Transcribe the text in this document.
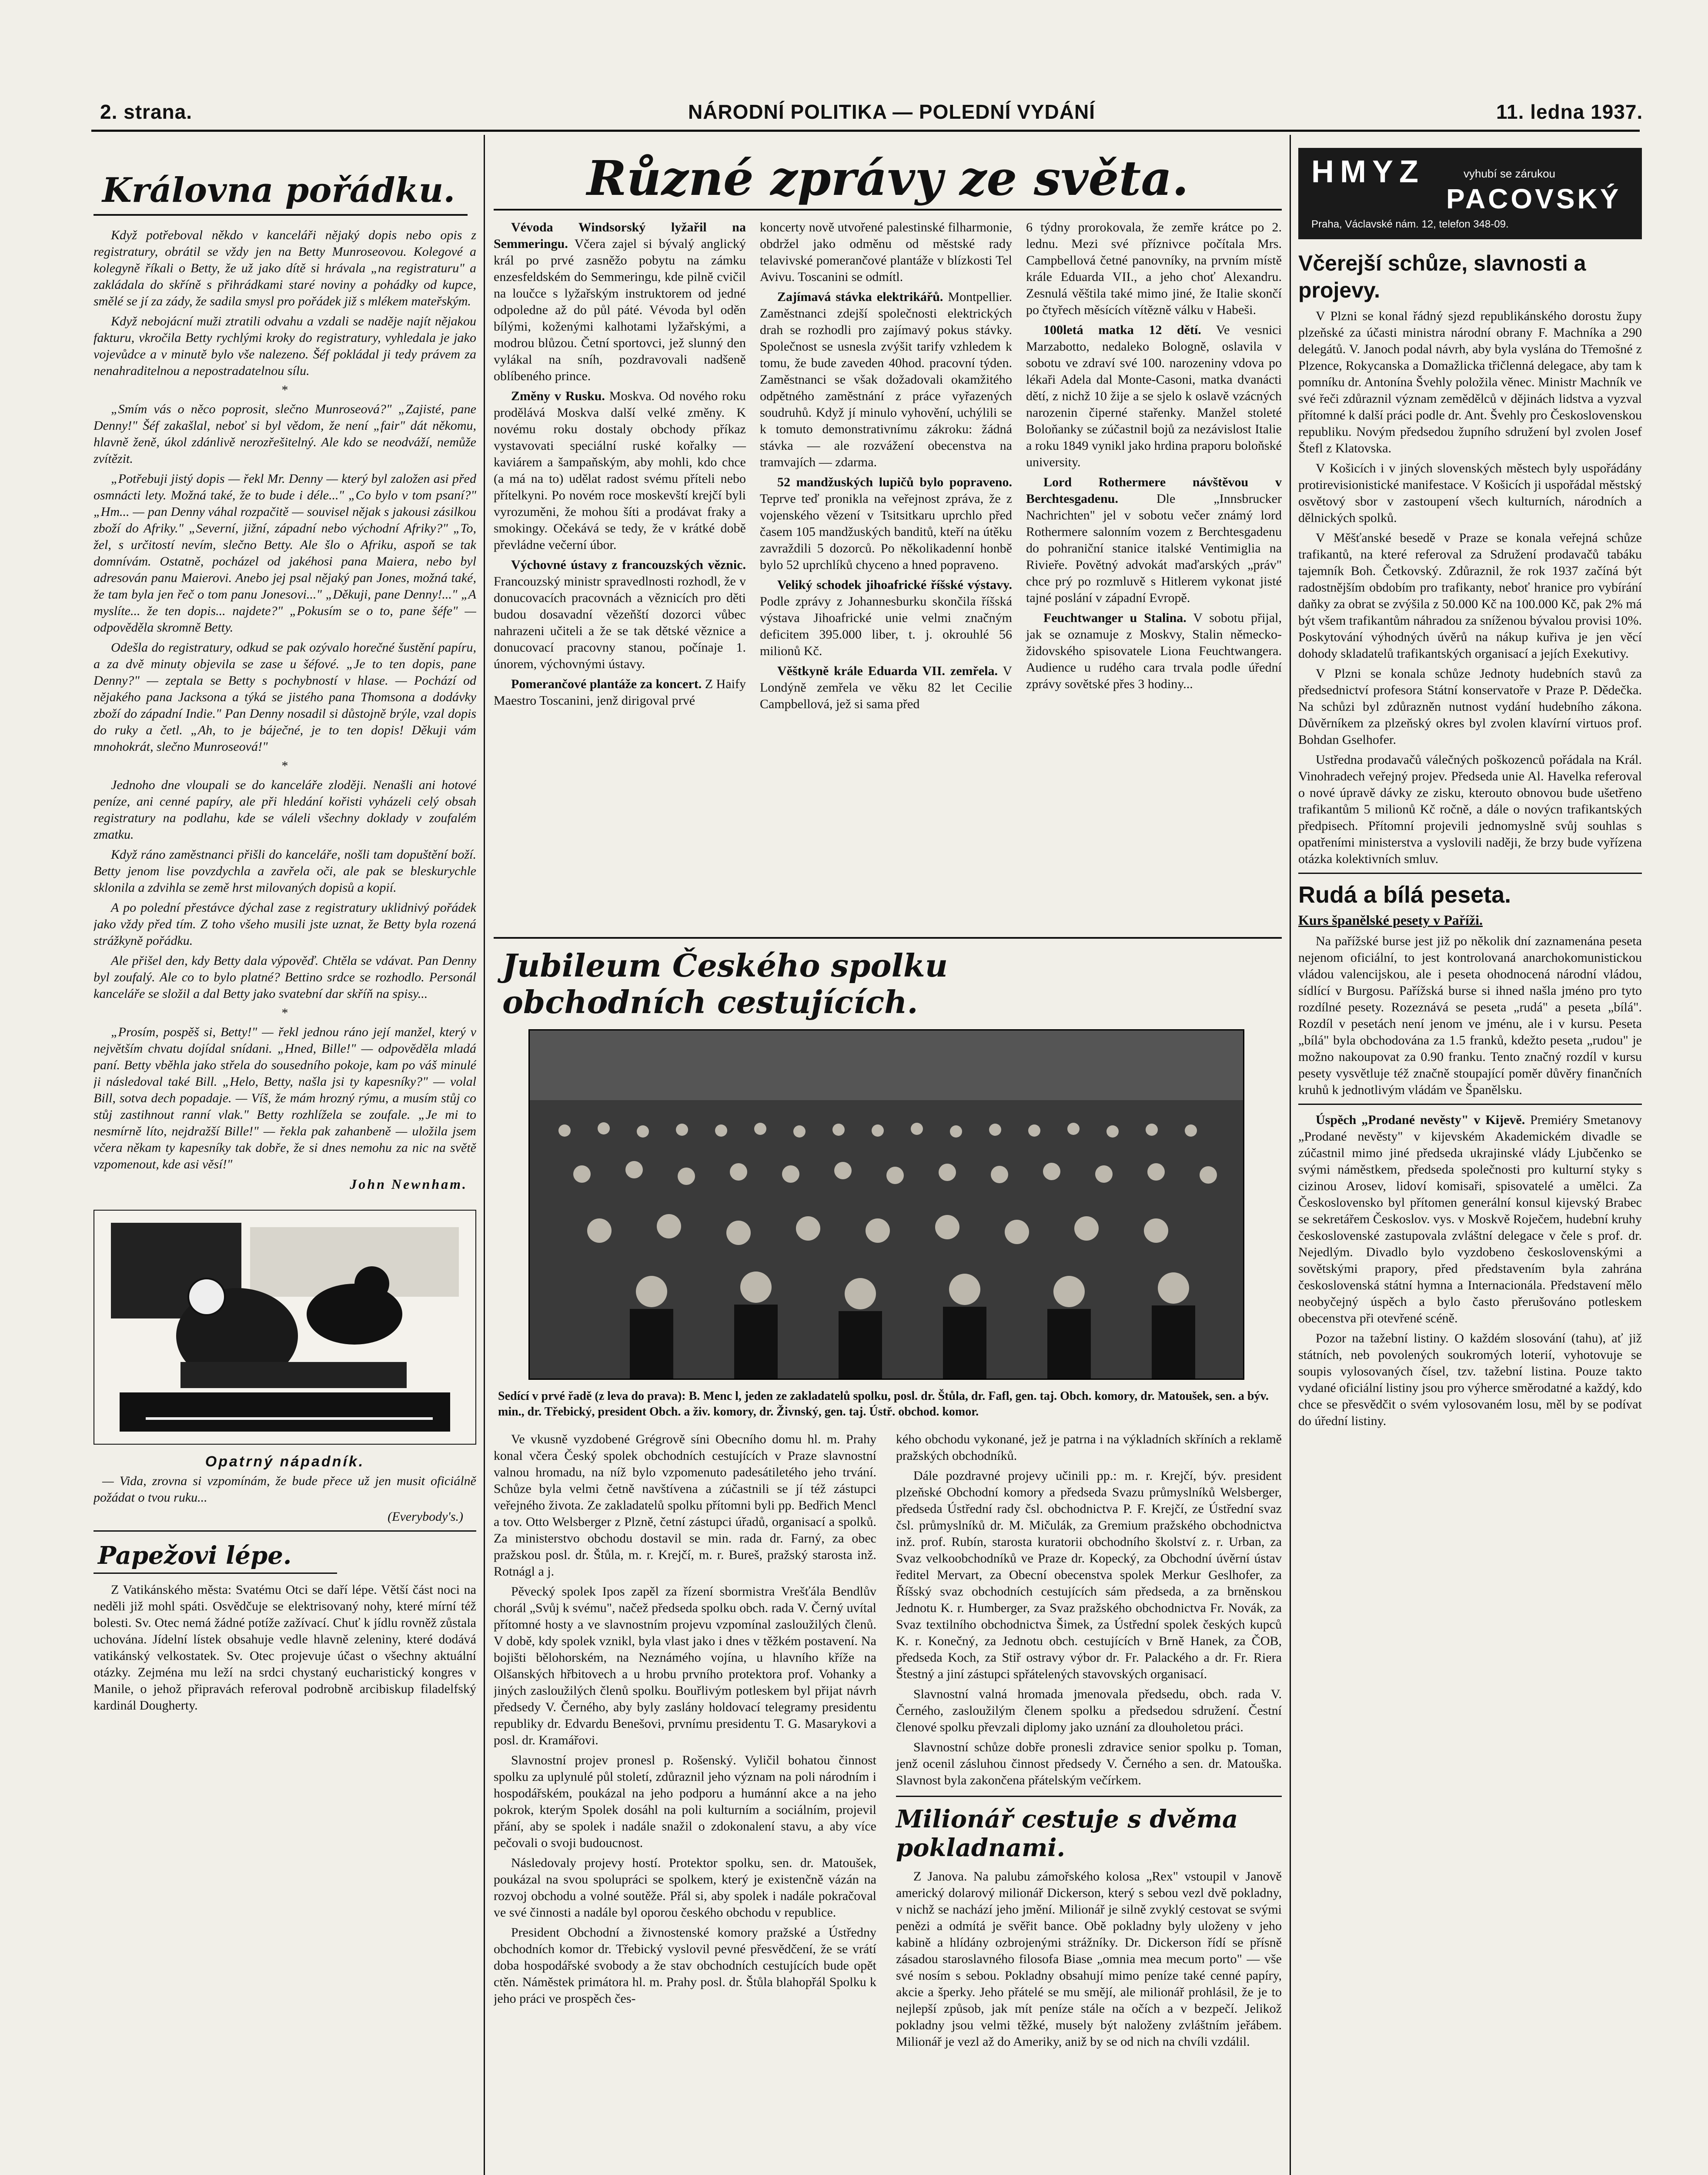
2. strana.	NÁRODNÍ POLITIKA — POLEDNÍ VYDÁNÍ	11. ledna 1937.
Královna pořádku.

Když potřeboval někdo v kanceláři nějaký dopis nebo opis z registratury, obrátil se vždy jen na Betty Munroseovou. Kolegové a kolegyně říkali o Betty, že už jako dítě si hrávala „na registraturu" a zakládala do skříně s přihrádkami staré noviny a pohádky od kupce, smělé se jí za zády, že sadila smysl pro pořádek již s mlékem mateřským.

Když nebojácní muži ztratili odvahu a vzdali se naděje najít nějakou fakturu, vkročila Betty rychlými kroky do registratury, vyhledala je jako vojevůdce a v minutě bylo vše nalezeno. Šéf pokládal ji tedy právem za nenahraditelnou a nepostradatelnou sílu.

*

„Smím vás o něco poprosit, slečno Munroseová?" „Zajisté, pane Denny!" Šéf zakašlal, neboť si byl vědom, že není „fair" dát někomu, hlavně ženě, úkol zdánlivě nerozřešitelný. Ale kdo se neodváží, nemůže zvítězit.

„Potřebuji jistý dopis — řekl Mr. Denny — který byl založen asi před osmnácti lety. Možná také, že to bude i déle..." „Co bylo v tom psaní?" „Hm... — pan Denny váhal rozpačitě — souvisel nějak s jakousi zásilkou zboží do Afriky." „Severní, jižní, západní nebo východní Afriky?" „To, žel, s určitostí nevím, slečno Betty. Ale šlo o Afriku, aspoň se tak domnívám. Ostatně, pocházel od jakéhosi pana Maiera, nebo byl adresován panu Maierovi. Anebo jej psal nějaký pan Jones, možná také, že tam byla jen řeč o tom panu Jonesovi..." „Děkuji, pane Denny!..." „A myslíte... že ten dopis... najdete?" „Pokusím se o to, pane šéfe" — odpověděla skromně Betty.

Odešla do registratury, odkud se pak ozývalo horečné šustění papíru, a za dvě minuty objevila se zase u šéfové. „Je to ten dopis, pane Denny?" — zeptala se Betty s pochybností v hlase. — Pochází od nějakého pana Jacksona a týká se jistého pana Thomsona a dodávky zboží do západní Indie." Pan Denny nosadil si důstojně brýle, vzal dopis do ruky a četl. „Ah, to je báječné, je to ten dopis! Děkuji vám mnohokrát, slečno Munroseová!"

*

Jednoho dne vloupali se do kanceláře zloději. Nenašli ani hotové peníze, ani cenné papíry, ale při hledání kořisti vyházeli celý obsah registratury na podlahu, kde se váleli všechny doklady v zoufalém zmatku.

Když ráno zaměstnanci přišli do kanceláře, nošli tam dopuštění boží. Betty jenom lise povzdychla a zavřela oči, ale pak se bleskurychle sklonila a zdvihla se země hrst milovaných dopisů a kopií.

A po polední přestávce dýchal zase z registratury uklidnivý pořádek jako vždy před tím. Z toho všeho musili jste uznat, že Betty byla rozená strážkyně pořádku.

Ale přišel den, kdy Betty dala výpověď. Chtěla se vdávat. Pan Denny byl zoufalý. Ale co to bylo platné? Bettino srdce se rozhodlo. Personál kanceláře se složil a dal Betty jako svatební dar skříň na spisy...

*

„Prosím, pospěš si, Betty!" — řekl jednou ráno její manžel, který v největším chvatu dojídal snídani. „Hned, Bille!" — odpověděla mladá paní. Betty vběhla jako střela do sousedního pokoje, kam po váš minulé ji následoval také Bill. „Helo, Betty, našla jsi ty kapesníky?" — volal Bill, sotva dech popadaje. — Víš, že mám hrozný rýmu, a musím stůj co stůj zastihnout ranní vlak." Betty rozhlížela se zoufale. „Je mi to nesmírně líto, nejdražší Bille!" — řekla pak zahanbeně — uložila jsem včera někam ty kapesníky tak dobře, že si dnes nemohu za nic na světě vzpomenout, kde asi věsí!"

John Newnham.
Opatrný nápadník.

— Vida, zrovna si vzpomínám, že bude přece už jen musit oficiálně požádat o tvou ruku...

(Everybody's.)
Papežovi lépe.

Z Vatikánského města: Svatému Otci se daří lépe. Větší část noci na neděli již mohl spáti. Osvědčuje se elektrisovaný nohy, které mírní též bolesti. Sv. Otec nemá žádné potíže zažívací. Chuť k jídlu rovněž zůstala uchována. Jídelní lístek obsahuje vedle hlavně zeleniny, které dodává vatikánský velkostatek. Sv. Otec projevuje účast o všechny aktuální otázky. Zejména mu leží na srdci chystaný eucharistický kongres v Manile, o jehož připravách referoval podrobně arcibiskup filadelfský kardinál Dougherty.

Různé zprávy ze světa.

Vévoda Windsorský lyžařil na Semmeringu. Včera zajel si bývalý anglický král po prvé zasněžo pobytu na zámku enzesfeldském do Semmeringu, kde pilně cvičil na loučce s lyžařským instruktorem od jedné odpoledne až do půl páté. Vévoda byl oděn bílými, koženými kalhotami lyžařskými, a modrou blůzou. Četní sportovci, jež slunný den vylákal na sníh, pozdravovali nadšeně oblíbeného prince.

Změny v Rusku. Moskva. Od nového roku prodělává Moskva další velké změny. K novému roku dostaly obchody příkaz vystavovati speciální ruské kořalky — kaviárem a šampaňským, aby mohli, kdo chce (a má na to) udělat radost svému příteli nebo přítelkyni. Po novém roce moskevští krejčí byli vyrozuměni, že mohou šíti a prodávat fraky a smokingy. Očekává se tedy, že v krátké době převládne večerní úbor.

Výchovné ústavy z francouzských věznic. Francouzský ministr spravedlnosti rozhodl, že v donucovacích pracovnách a věznicích pro děti budou dosavadní vězeňští dozorci vůbec nahrazeni učiteli a že se tak dětské věznice a donucovací pracovny stanou, počínaje 1. únorem, výchovnými ústavy.

Pomerančové plantáže za koncert. Z Haify Maestro Toscanini, jenž dirigoval prvé

koncerty nově utvořené palestinské filharmonie, obdržel jako odměnu od městské rady telavivské pomerančové plantáže v blízkosti Tel Avivu. Toscanini se odmítl.

Zajímavá stávka elektrikářů. Montpellier. Zaměstnanci zdejší společnosti elektrických drah se rozhodli pro zajímavý pokus stávky. Společnost se usnesla zvýšit tarify vzhledem k tomu, že bude zaveden 40hod. pracovní týden. Zaměstnanci se však dožadovali okamžitého odpětného zaměstnání z práce vyřazených soudruhů. Když jí minulo vyhovění, uchýlili se k tomuto demonstrativnímu zákroku: žádná stávka — ale rozvážení obecenstva na tramvajích — zdarma.

52 mandžuských lupičů bylo popraveno. Teprve teď pronikla na veřejnost zpráva, že z vojenského vězení v Tsitsitkaru uprchlo před časem 105 mandžuských banditů, kteří na útěku zavraždili 5 dozorců. Po několikadenní honbě bylo 52 uprchlíků chyceno a hned popraveno.

Veliký schodek jihoafrické říšské výstavy. Podle zprávy z Johannesburku skončila říšská výstava Jihoafrické unie velmi značným deficitem 395.000 liber, t. j. okrouhlé 56 milionů Kč.

Věštkyně krále Eduarda VII. zemřela. V Londýně zemřela ve věku 82 let Cecilie Campbellová, jež si sama před

6 týdny prorokovala, že zemře krátce po 2. lednu. Mezi své příznivce počítala Mrs. Campbellová četné panovníky, na prvním místě krále Eduarda VII., a jeho choť Alexandru. Zesnulá věštila také mimo jiné, že Italie skončí po čtyřech měsících vítězně válku v Habeši.

100letá matka 12 dětí. Ve vesnici Marzabotto, nedaleko Bologně, oslavila v sobotu ve zdraví své 100. narozeniny vdova po lékaři Adela dal Monte-Casoni, matka dvanácti dětí, z nichž 10 žije a se sjelo k oslavě vzácných narozenin čiperné stařenky. Manžel stoleté Boloňanky se zúčastnil bojů za nezávislost Italie a roku 1849 vynikl jako hrdina praporu boloňské university.

Lord Rothermere návštěvou v Berchtesgadenu.	Dle „Innsbrucker Nachrichten" jel v sobotu večer známý lord Rothermere salonním vozem z Berchtesgadenu do pohraniční stanice italské Ventimiglia na Rivieře. Povětný advokát maďarských „práv" chce prý po rozmluvě s Hitlerem vykonat jisté tajné poslání v západní Evropě.

Feuchtwanger u Stalina. V sobotu přijal, jak se oznamuje z Moskvy, Stalin německo-židovského spisovatele Liona Feuchtwangera. Audience u rudého cara trvala podle úřední zprávy sovětské přes 3 hodiny...

Jubileum Českého spolku obchodních cestujících.
Sedící v prvé řadě (z leva do prava): B. Menc l, jeden ze zakladatelů spolku, posl. dr. Štůla, dr. Fafl, gen. taj. Obch. komory, dr. Matoušek, sen. a býv. min., dr. Třebický, president Obch. a živ. komory, dr. Živnský, gen. taj. Ústř. obchod. komor.

Ve vkusně vyzdobené Grégrově síni Obecního domu hl. m. Prahy konal včera Český spolek obchodních cestujících v Praze slavnostní valnou hromadu, na níž bylo vzpomenuto padesátiletého jeho trvání. Schůze byla velmi četně navštívena a zúčastnili se jí též zástupci veřejného života. Ze zakladatelů spolku přítomni byli pp. Bedřich Mencl a tov. Otto Welsberger z Plzně, četní zástupci úřadů, organisací a spolků. Za ministerstvo obchodu dostavil se min. rada dr. Farný, za obec pražskou posl. dr. Štůla, m. r. Krejčí, m. r. Bureš, pražský starosta inž. Rotnágl a j.

Pěvecký spolek Ipos zapěl za řízení sbormistra Vrešťála Bendlův chorál „Svůj k svému", načež předseda spolku obch. rada V. Černý uvítal přítomné hosty a ve slavnostním projevu vzpomínal zasloužilých členů. V době, kdy spolek vznikl, byla vlast jako i dnes v těžkém postavení. Na bojišti bělohorském, na Neznámého vojína, u hlavního kříže na Olšanských hřbitovech a u hrobu prvního protektora prof. Vohanky a jiných zasloužilých členů spolku. Bouřlivým potleskem byl přijat návrh předsedy V. Černého, aby byly zaslány holdovací telegramy presidentu republiky dr. Edvardu Benešovi, prvnímu presidentu T. G. Masarykovi a posl. dr. Kramářovi.

Slavnostní projev pronesl p. Rošenský. Vyličil bohatou činnost spolku za uplynulé půl století, zdůraznil jeho význam na poli národním i hospodářském, poukázal na jeho podporu a humánní akce a na jeho pokrok, kterým Spolek dosáhl na poli kulturním a sociálním, projevil přání, aby se spolek i nadále snažil o zdokonalení stavu, a aby více pečovali o svoji budoucnost.

Následovaly projevy hostí. Protektor spolku, sen. dr. Matoušek, poukázal na svou spolupráci se spolkem, který je existenčně vázán na rozvoj obchodu a volné soutěže. Přál si, aby spolek i nadále pokračoval ve své činnosti a nadále byl oporou českého obchodu v republice.

President Obchodní a živnostenské komory pražské a Ústředny obchodních komor dr. Třebický vyslovil pevné přesvědčení, že se vrátí doba hospodářské svobody a že stav obchodních cestujících bude opět ctěn. Náměstek primátora hl. m. Prahy posl. dr. Štůla blahopřál Spolku k jeho práci ve prospěch čes-

kého obchodu vykonané, jež je patrna i na výkladních skříních a reklamě pražských obchodníků.

Dále pozdravné projevy učinili pp.: m. r. Krejčí, býv. president plzeňské Obchodní komory a předseda Svazu průmyslníků Welsberger, předseda Ústřední rady čsl. obchodnictva P. F. Krejčí, ze Ústřední svaz čsl. průmyslníků dr. M. Mičulák, za Gremium pražského obchodnictva inž. prof. Rubín, starosta kuratorii obchodního školství z. r. Urban, za Svaz velkoobchodníků ve Praze dr. Kopecký, za Obchodní úvěrní ústav ředitel Mervart, za Obecní obecenstva spolek Merkur Geslhofer, za Říšský svaz obchodních cestujících sám předseda, a za brněnskou Jednotu K. r. Humberger, za Svaz pražského obchodnictva Fr. Novák, za Svaz textilního obchodnictva Šimek, za Ústřední spolek českých kupců K. r. Konečný, za Jednotu obch. cestujících v Brně Hanek, za ČOB, předseda Koch, za Stiř ostravy výbor dr. Fr. Palackého a dr. Fr. Riera Štestný a jiní zástupci spřátelených stavovských organisací.

Slavnostní valná hromada jmenovala předsedu, obch. rada V. Černého, zasloužilým členem spolku a předsedou sdružení. Čestní členové spolku převzali diplomy jako uznání za dlouholetou práci.

Slavnostní schůze dobře pronesli zdravice senior spolku p. Toman, jenž ocenil zásluhou činnost předsedy V. Černého a sen. dr. Matouška. Slavnost byla zakončena přátelským večírkem.

Milionář cestuje s dvěma pokladnami.

Z Janova. Na palubu zámořského kolosa „Rex" vstoupil v Janově americký dolarový milionář Dickerson, který s sebou vezl dvě pokladny, v nichž se nachází jeho jmění. Milionář je silně zvyklý cestovat se svými penězi a odmítá je svěřit bance. Obě pokladny byly uloženy v jeho kabině a hlídány ozbrojenými strážníky. Dr. Dickerson řídí se přísně zásadou staroslavného filosofa Biase „omnia mea mecum porto" — vše své nosím s sebou. Pokladny obsahují mimo peníze také cenné papíry, akcie a šperky. Jeho přátelé se mu smějí, ale milionář prohlásil, že je to nejlepší způsob, jak mít peníze stále na očích a v bezpečí. Jelikož pokladny jsou velmi těžké, musely být naloženy zvláštním jeřábem. Milionář je vezl až do Ameriky, aniž by se od nich na chvíli vzdálil.

HMYZ	vyhubí se zárukou
PACOVSKÝ
Praha, Václavské nám. 12, telefon 348-09.
Včerejší schůze, slavnosti a projevy.

V Plzni se konal řádný sjezd republikánského dorostu župy plzeňské za účasti ministra národní obrany F. Machníka a 290 delegátů. V. Janoch podal návrh, aby byla vyslána do Třemošné z Plzence, Rokycanska a Domažlicka třičlenná delegace, aby tam k pomníku dr. Antonína Švehly položila věnec. Ministr Machník ve své řeči zdůraznil význam zemědělců v dějinách lidstva a vyzval přítomné k další práci podle dr. Ant. Švehly pro Československou republiku. Novým předsedou župního sdružení byl zvolen Josef Štefl z Klatovska.

V Košicích i v jiných slovenských městech byly uspořádány protirevisionistické manifestace. V Košicích ji uspořádal městský osvětový sbor v zastoupení všech kulturních, národních a dělnických spolků.

V Měšťanské besedě v Praze se konala veřejná schůze trafikantů, na které referoval za Sdružení prodavačů tabáku tajemník Boh. Četkovský. Zdůraznil, že rok 1937 začíná být radostnějším obdobím pro trafikanty, neboť hranice pro vybírání daňky za obrat se zvýšila z 50.000 Kč na 100.000 Kč, pak 2% má být všem trafikantům náhradou za sníženou bývalou provisi 10%. Poskytování výhodných úvěrů na nákup kuřiva je jen věcí dohody skladatelů trafikantských organisací a jejích Exekutivy.

V Plzni se konala schůze Jednoty hudebních stavů za předsednictví profesora Státní konservatoře v Praze P. Dědečka. Na schůzi byl zdůrazněn nutnost vydání hudebního zákona. Důvěrníkem za plzeňský okres byl zvolen klavírní virtuos prof. Bohdan Gselhofer.

Ustředna prodavačů válečných poškozenců pořádala na Král. Vinohradech veřejný projev. Předseda unie Al. Havelka referoval o nové úpravě dávky ze zisku, kterouto obnovou bude ušetřeno trafikantům 5 milionů Kč ročně, a dále o novýcn trafikantských předpisech. Přítomní projevili jednomyslně svůj souhlas s opatřeními ministerstva a vyslovili naději, že brzy bude vyřízena otázka kolektivních smluv.

Rudá a bílá peseta.
Kurs španělské pesety v Paříži.

Na pařížské burse jest již po několik dní zaznamenána peseta nejenom oficiální, to jest kontrolovaná anarchokomunistickou vládou valencijskou, ale i peseta ohodnocená národní vládou, sídlící v Burgosu. Pařížská burse si ihned našla jméno pro tyto rozdílné pesety. Rozeznává se peseta „rudá" a peseta „bílá". Rozdíl v pesetách není jenom ve jménu, ale i v kursu. Peseta „bílá" byla obchodována za 1.5 franků, kdežto peseta „rudou" je možno nakoupovat za 0.90 franku. Tento značný rozdíl v kursu pesety vysvětluje též značně stoupající poměr důvěry finančních kruhů k jednotlivým vládám ve Španělsku.

Úspěch „Prodané nevěsty" v Kijevě. Premiéry Smetanovy „Prodané nevěsty" v kijevském Akademickém divadle se zúčastnil mimo jiné předseda ukrajinské vlády Ljubčenko se svými náměstkem, předseda společnosti pro kulturní styky s cizinou Arosev, lidoví komisaři, spisovatelé a umělci. Za Československo byl přítomen generální konsul kijevský Brabec se sekretářem Českoslov. vys. v Moskvě Roječem, hudební kruhy československé zastupovala zvláštní delegace v čele s prof. dr. Nejedlým. Divadlo bylo vyzdobeno československými a sovětskými prapory, před představením byla zahrána československá státní hymna a Internacionála. Představení mělo neobyčejný úspěch a bylo často přerušováno potleskem obecenstva při otevřené scéně.

Pozor na tažební listiny. O každém slosování (tahu), ať již státních, neb povolených soukromých loterií, vyhotovuje se soupis vylosovaných čísel, tzv. tažební listina. Pouze takto vydané oficiální listiny jsou pro výherce směrodatné a každý, kdo chce se přesvědčit o svém vylosovaném losu, měl by se podívat do úřední listiny.
